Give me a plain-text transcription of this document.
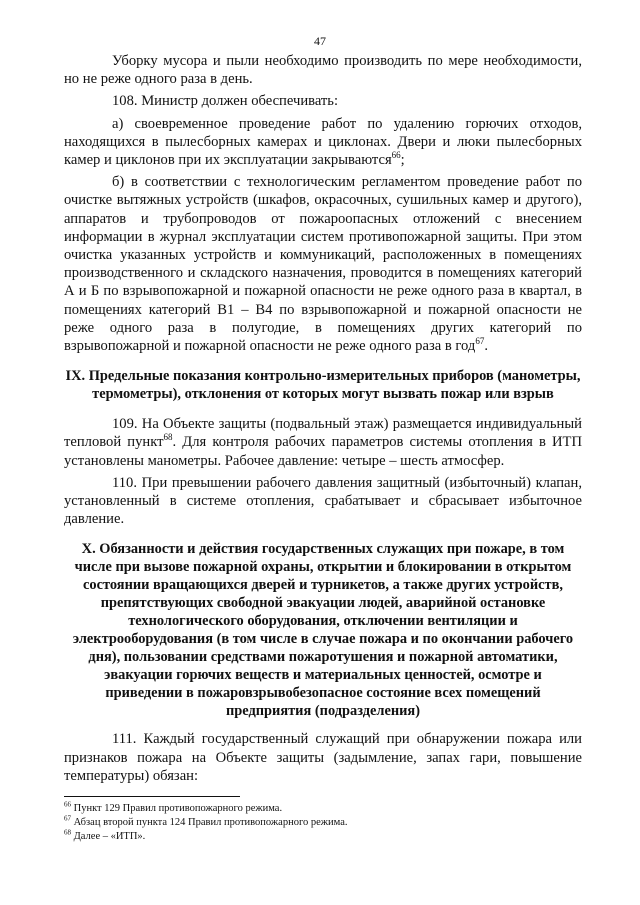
47

Уборку мусора и пыли необходимо производить по мере необходимости, но не реже одного раза в день.

108. Министр должен обеспечивать:

а) своевременное проведение работ по удалению горючих отходов, находящихся в пылесборных камерах и циклонах. Двери и люки пылесборных камер и циклонов при их эксплуатации закрываются$^{66}$;

б) в соответствии с технологическим регламентом проведение работ по очистке вытяжных устройств (шкафов, окрасочных, сушильных камер и другого), аппаратов и трубопроводов от пожароопасных отложений с внесением информации в журнал эксплуатации систем противопожарной защиты. При этом очистка указанных устройств и коммуникаций, расположенных в помещениях производственного и складского назначения, проводится в помещениях категорий А и Б по взрывопожарной и пожарной опасности не реже одного раза в квартал, в помещениях категорий В1 – В4 по взрывопожарной и пожарной опасности не реже одного раза в полугодие, в помещениях других категорий по взрывопожарной и пожарной опасности не реже одного раза в год$^{67}$.

IX. Предельные показания контрольно-измерительных приборов (манометры, термометры), отклонения от которых могут вызвать пожар или взрыв

109. На Объекте защиты (подвальный этаж) размещается индивидуальный тепловой пункт$^{68}$. Для контроля рабочих параметров системы отопления в ИТП установлены манометры. Рабочее давление: четыре – шесть атмосфер.

110. При превышении рабочего давления защитный (избыточный) клапан, установленный в системе отопления, срабатывает и сбрасывает избыточное давление.

X. Обязанности и действия государственных служащих при пожаре, в том числе при вызове пожарной охраны, открытии и блокировании в открытом состоянии вращающихся дверей и турникетов, а также других устройств, препятствующих свободной эвакуации людей, аварийной остановке технологического оборудования, отключении вентиляции и электрооборудования (в том числе в случае пожара и по окончании рабочего дня), пользовании средствами пожаротушения и пожарной автоматики, эвакуации горючих веществ и материальных ценностей, осмотре и приведении в пожаровзрывобезопасное состояние всех помещений предприятия (подразделения)

111. Каждый государственный служащий при обнаружении пожара или признаков пожара на Объекте защиты (задымление, запах гари, повышение температуры) обязан:

$^{66}$ Пункт 129 Правил противопожарного режима.
$^{67}$ Абзац второй пункта 124 Правил противопожарного режима.
$^{68}$ Далее – «ИТП».
